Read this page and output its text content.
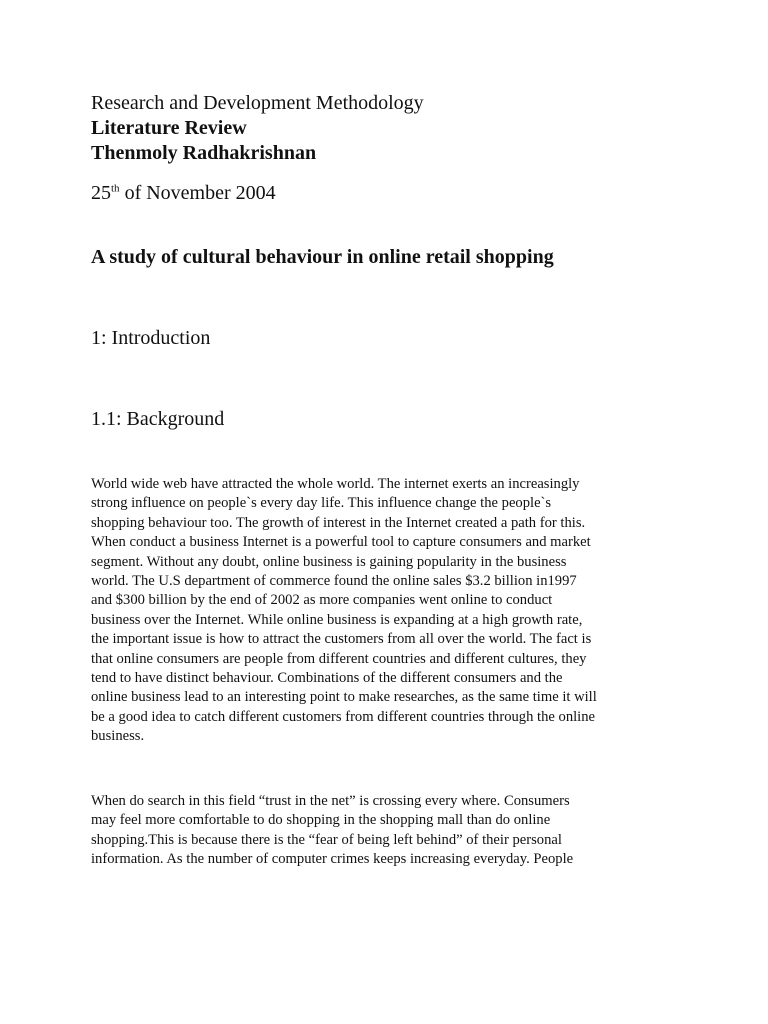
Research and Development Methodology

Literature Review

Thenmoly Radhakrishnan

25th of November 2004

A study of cultural behaviour in online retail shopping

1: Introduction

1.1: Background

World wide web have attracted the whole world. The internet exerts an increasingly
strong influence on people`s every day life. This influence change the people`s
shopping behaviour too. The growth of interest in the Internet created a path for this.
When conduct a business Internet is a powerful tool to capture consumers and market
segment. Without any doubt, online business is gaining popularity in the business
world. The U.S department of commerce found the online sales $3.2 billion in1997
and $300 billion by the end of 2002 as more companies went online to conduct
business over the Internet. While online business is expanding at a high growth rate,
the important issue is how to attract the customers from all over the world. The fact is
that online consumers are people from different countries and different cultures, they
tend to have distinct behaviour. Combinations of the different consumers and the
online business lead to an interesting point to make researches, as the same time it will
be a good idea to catch different customers from different countries through the online
business.

When do search in this field “trust in the net” is crossing every where. Consumers
may feel more comfortable to do shopping in the shopping mall than do online
shopping.This is because there is the “fear of being left behind” of their personal
information. As the number of computer crimes keeps increasing everyday. People
